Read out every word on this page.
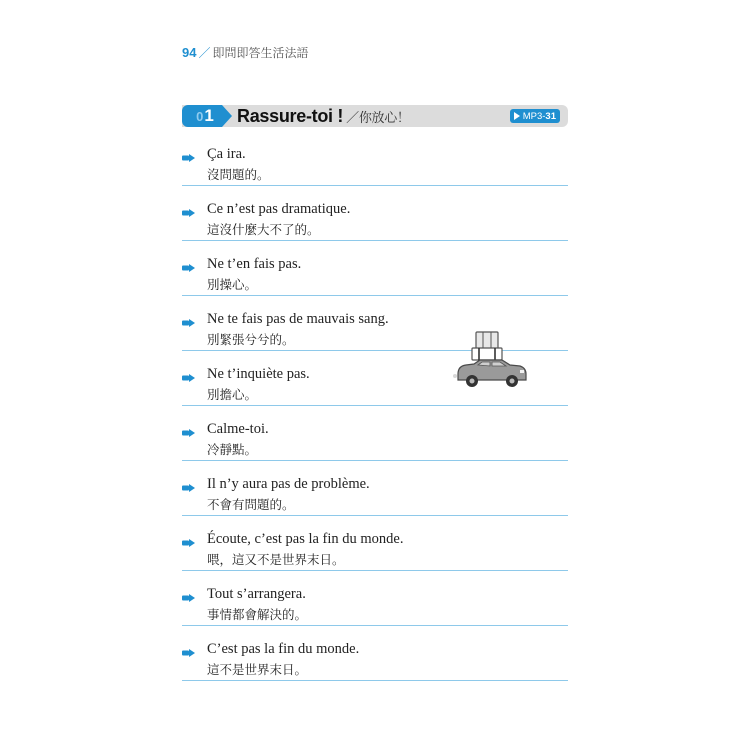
94 ／ 即問即答生活法語
0 1 Rassure-toi ! ／你放心！	MP3- 31
Ça ira.
沒問題的。
Ce n’est pas dramatique.
這沒什麼大不了的。
Ne t’en fais pas.
別操心。
Ne te fais pas de mauvais sang.
別緊張兮兮的。
Ne t’inquiète pas.
別擔心。
Calme-toi.
冷靜點。
Il n’y aura pas de problème.
不會有問題的。
Écoute, c’est pas la fin du monde.
喂，這又不是世界末日。
Tout s’arrangera.
事情都會解決的。
C’est pas la fin du monde.
這不是世界末日。
